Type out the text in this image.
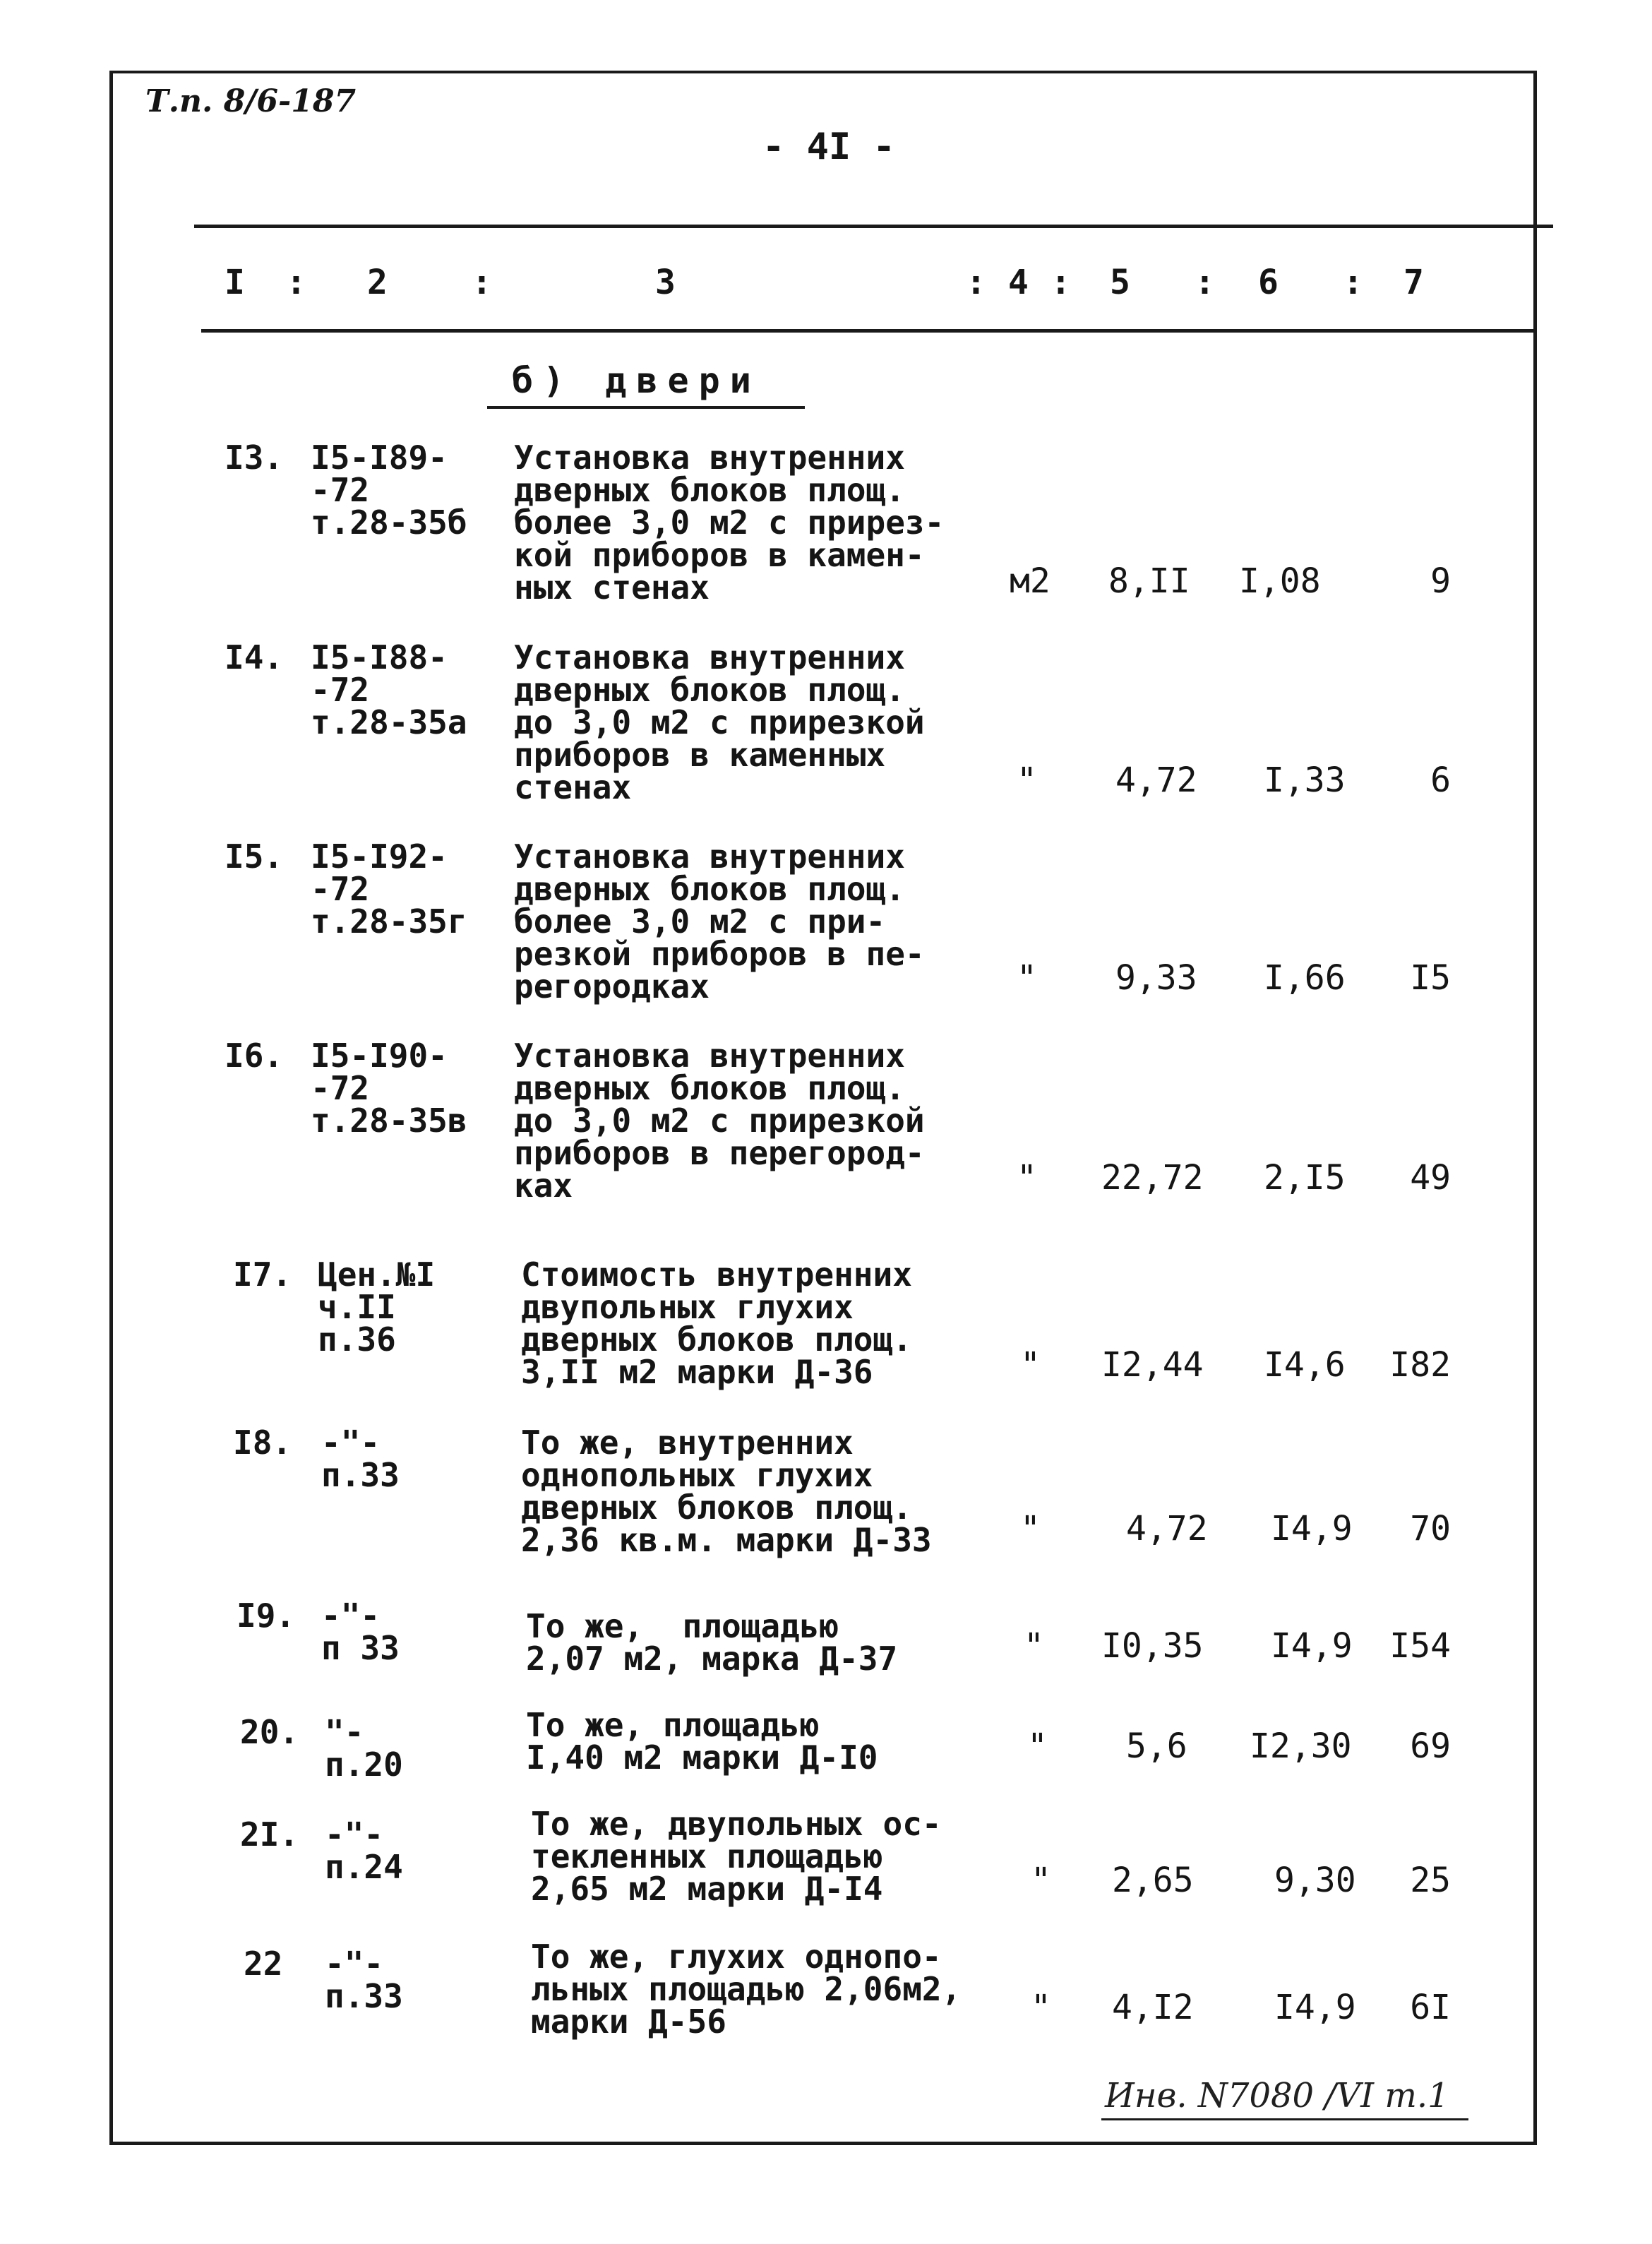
Т.п. 8/6-187
- 4I -
I : 2 :	3	: 4 : 5 : 6 : 7
б) двери
I3. I5-I89-
-72
т.28-35б
Установка внутренних
дверных блоков площ.
более 3,0 м2 с прирез-
кой приборов в камен-
ных стенах	м2 8,II I,08	9
I4. I5-I88-
-72
т.28-35а
Установка внутренних
дверных блоков площ.
до 3,0 м2 с прирезкой
приборов в каменных
стенах	" 4,72 I,33	6
I5. I5-I92-
-72
т.28-35г
Установка внутренних
дверных блоков площ.
более 3,0 м2 с при-
резкой приборов в пе-
регородках	" 9,33 I,66	I5
I6. I5-I90-
-72
т.28-35в
Установка внутренних
дверных блоков площ.
до 3,0 м2 с прирезкой
приборов в перегород-
ках	" 22,72 2,I5	49
I7. Цен.№I
ч.II
п.36
Стоимость внутренних
двупольных глухих
дверных блоков площ.
3,II м2 марки Д-36	" I2,44 I4,6 I82
I8. -"-
п.33
То же, внутренних
однопольных глухих
дверных блоков площ.
2,36 кв.м. марки Д-33	"	4,72 I4,9	70
I9. -"-
п 33
То же,  площадью
2,07 м2, марка Д-37	" I0,35 I4,9 I54
20. "-
п.20
То же, площадью
I,40 м2 марки Д-I0	" 5,6 I2,30	69
2I. -"-
п.24
То же, двупольных ос-
текленных площадью
2,65 м2 марки Д-I4	" 2,65 9,30	25
22 -"-
п.33
То же, глухих однопо-
льных площадью 2,06м2,
марки Д-56	" 4,I2 I4,9	6I
Инв. N7080 /VI т.1
